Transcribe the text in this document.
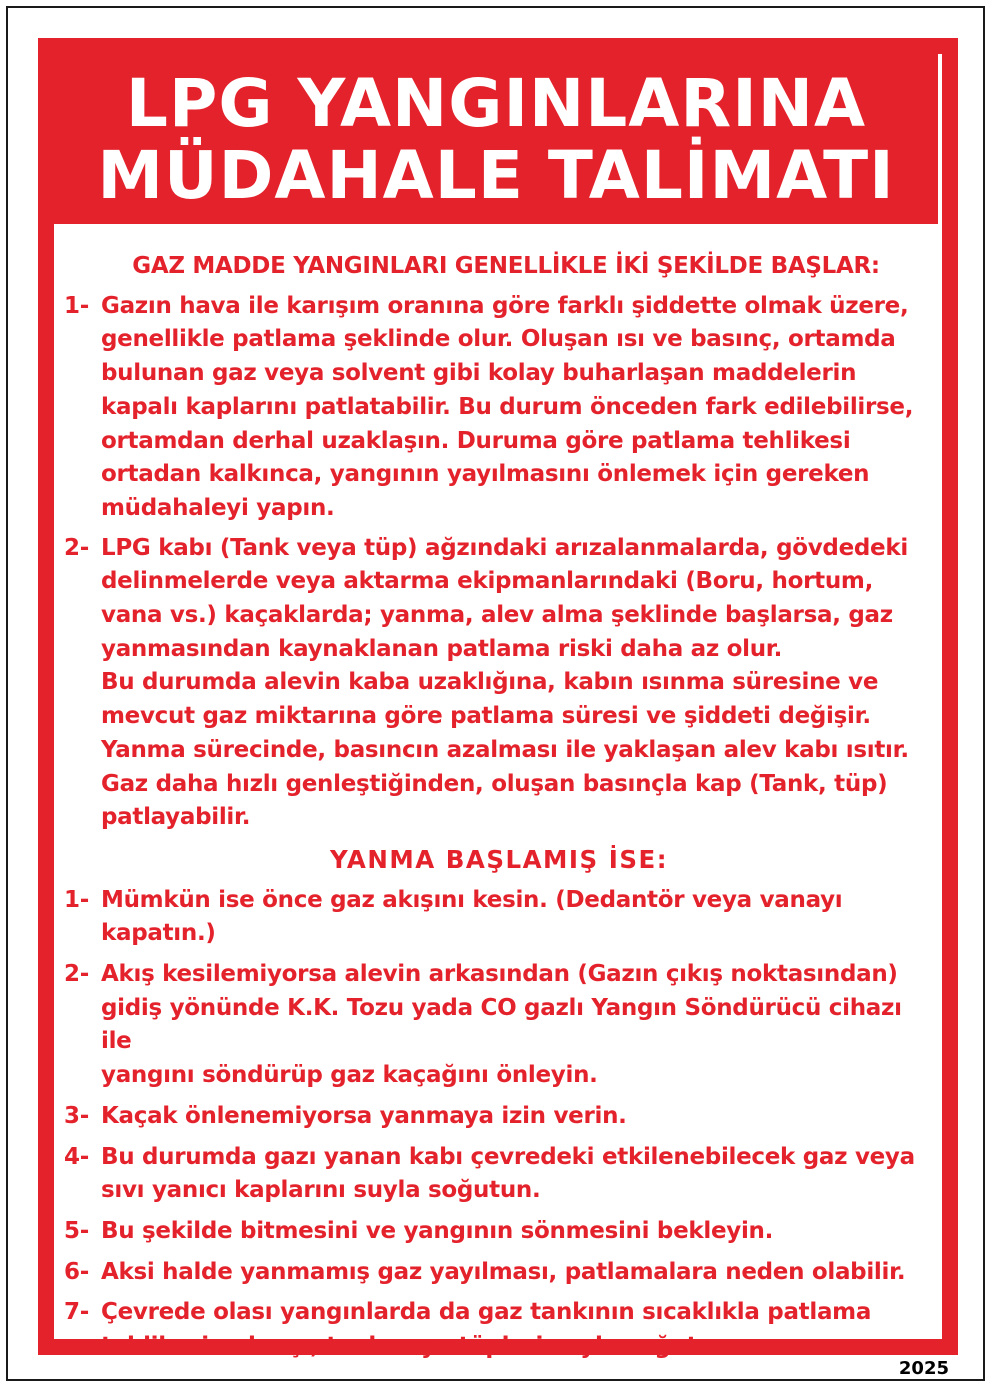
LPG YANGINLARINA
MÜDAHALE TALİMATI

GAZ MADDE YANGINLARI GENELLİKLE İKİ ŞEKİLDE BAŞLAR:

1- Gazın hava ile karışım oranına göre farklı şiddette olmak üzere,
genellikle patlama şeklinde olur. Oluşan ısı ve basınç, ortamda
bulunan gaz veya solvent gibi kolay buharlaşan maddelerin
kapalı kaplarını patlatabilir. Bu durum önceden fark edilebilirse,
ortamdan derhal uzaklaşın. Duruma göre patlama tehlikesi
ortadan kalkınca, yangının yayılmasını önlemek için gereken
müdahaleyi yapın.
2- LPG kabı (Tank veya tüp) ağzındaki arızalanmalarda, gövdedeki
delinmelerde veya aktarma ekipmanlarındaki (Boru, hortum,
vana vs.) kaçaklarda; yanma, alev alma şeklinde başlarsa, gaz
yanmasından kaynaklanan patlama riski daha az olur.
Bu durumda alevin kaba uzaklığına, kabın ısınma süresine ve
mevcut gaz miktarına göre patlama süresi ve şiddeti değişir.
Yanma sürecinde, basıncın azalması ile yaklaşan alev kabı ısıtır.
Gaz daha hızlı genleştiğinden, oluşan basınçla kap (Tank, tüp)
patlayabilir.

YANMA BAŞLAMIŞ İSE:

1- Mümkün ise önce gaz akışını kesin. (Dedantör veya vanayı kapatın.)
2- Akış kesilemiyorsa alevin arkasından (Gazın çıkış noktasından)
gidiş yönünde K.K. Tozu yada CO gazlı Yangın Söndürücü cihazı ile
yangını söndürüp gaz kaçağını önleyin.
3- Kaçak önlenemiyorsa yanmaya izin verin.
4- Bu durumda gazı yanan kabı çevredeki etkilenebilecek gaz veya
sıvı yanıcı kaplarını suyla soğutun.
5- Bu şekilde bitmesini ve yangının sönmesini bekleyin.
6- Aksi halde yanmamış gaz yayılması, patlamalara neden olabilir.
7- Çevrede olası yangınlarda da gaz tankının sıcaklıkla patlama
tehlikesine karşı, tank veya tüpleri suyla soğutun.
2025
